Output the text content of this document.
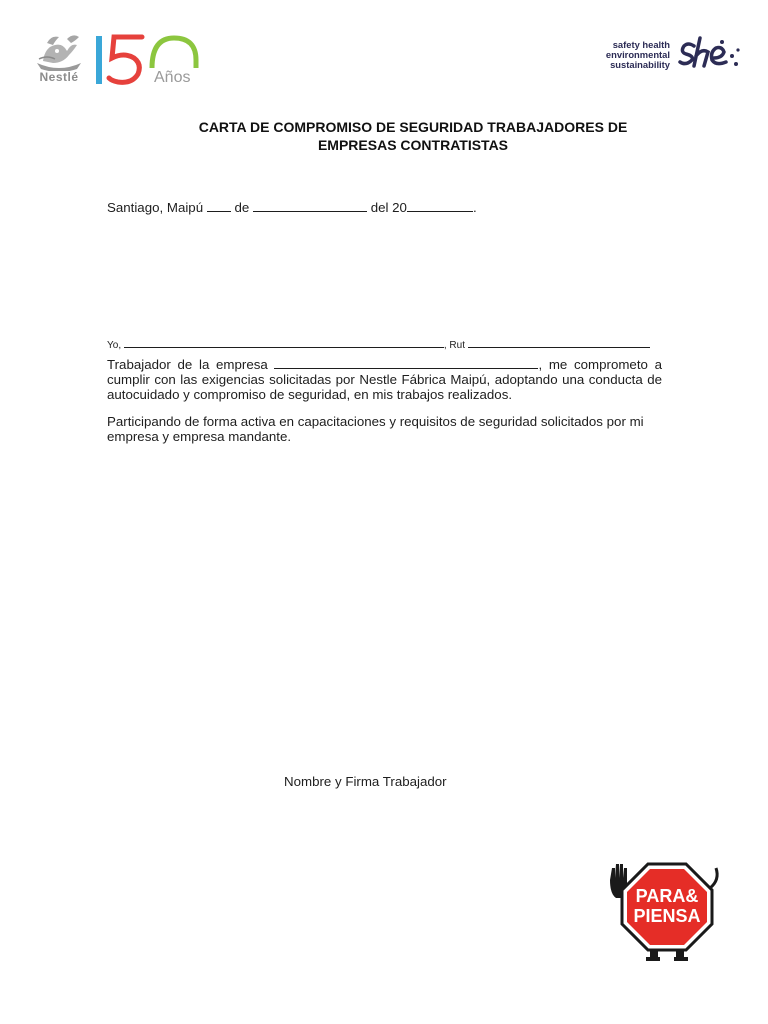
Nestlé	Años
safety health
environmental
sustainability
CARTA DE COMPROMISO DE SEGURIDAD TRABAJADORES DE
EMPRESAS CONTRATISTAS
Santiago, Maipú de	del 20	.
Yo,	, Rut
Trabajador de la empresa	, me comprometo a cumplir con las exigencias solicitadas por Nestle Fábrica Maipú, adoptando una conducta de autocuidado y compromiso de seguridad, en mis trabajos realizados.
Participando de forma activa en capacitaciones y requisitos de seguridad solicitados por mi empresa y empresa mandante.
Nombre y Firma Trabajador
PARA&
PIENSA
